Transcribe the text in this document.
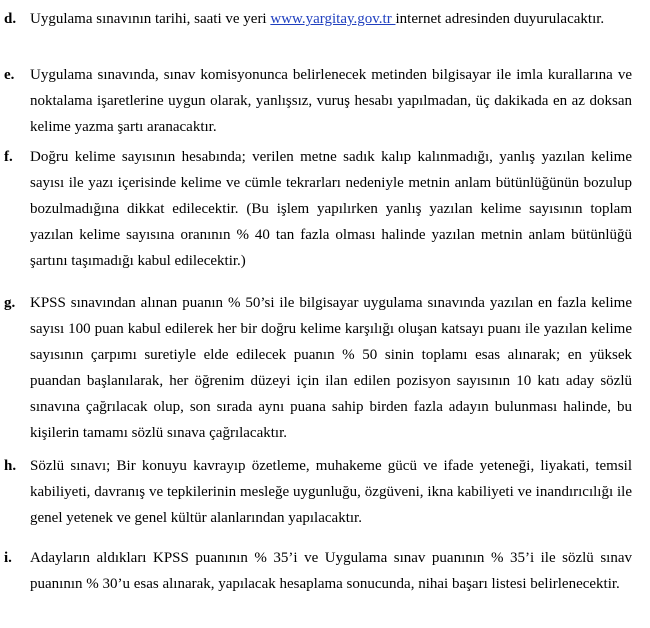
d. Uygulama sınavının tarihi, saati ve yeri www.yargitay.gov.tr internet adresinden duyurulacaktır.
e. Uygulama sınavında, sınav komisyonunca belirlenecek metinden bilgisayar ile imla kurallarına ve noktalama işaretlerine uygun olarak, yanlışsız, vuruş hesabı yapılmadan, üç dakikada en az doksan kelime yazma şartı aranacaktır.
f. Doğru kelime sayısının hesabında; verilen metne sadık kalıp kalınmadığı, yanlış yazılan kelime sayısı ile yazı içerisinde kelime ve cümle tekrarları nedeniyle metnin anlam bütünlüğünün bozulup bozulmadığına dikkat edilecektir. (Bu işlem yapılırken yanlış yazılan kelime sayısının toplam yazılan kelime sayısına oranının % 40 tan fazla olması halinde yazılan metnin anlam bütünlüğü şartını taşımadığı kabul edilecektir.)
g. KPSS sınavından alınan puanın % 50’si ile bilgisayar uygulama sınavında yazılan en fazla kelime sayısı 100 puan kabul edilerek her bir doğru kelime karşılığı oluşan katsayı puanı ile yazılan kelime sayısının çarpımı suretiyle elde edilecek puanın % 50 sinin toplamı esas alınarak; en yüksek puandan başlanılarak, her öğrenim düzeyi için ilan edilen pozisyon sayısının 10 katı aday sözlü sınavına çağrılacak olup, son sırada aynı puana sahip birden fazla adayın bulunması halinde, bu kişilerin tamamı sözlü sınava çağrılacaktır.
h. Sözlü sınavı; Bir konuyu kavrayıp özetleme, muhakeme gücü ve ifade yeteneği, liyakati, temsil kabiliyeti, davranış ve tepkilerinin mesleğe uygunluğu, özgüveni, ikna kabiliyeti ve inandırıcılığı ile genel yetenek ve genel kültür alanlarından yapılacaktır.
i. Adayların aldıkları KPSS puanının % 35’i ve Uygulama sınav puanının % 35’i ile sözlü sınav puanının % 30’u esas alınarak, yapılacak hesaplama sonucunda, nihai başarı listesi belirlenecektir.
